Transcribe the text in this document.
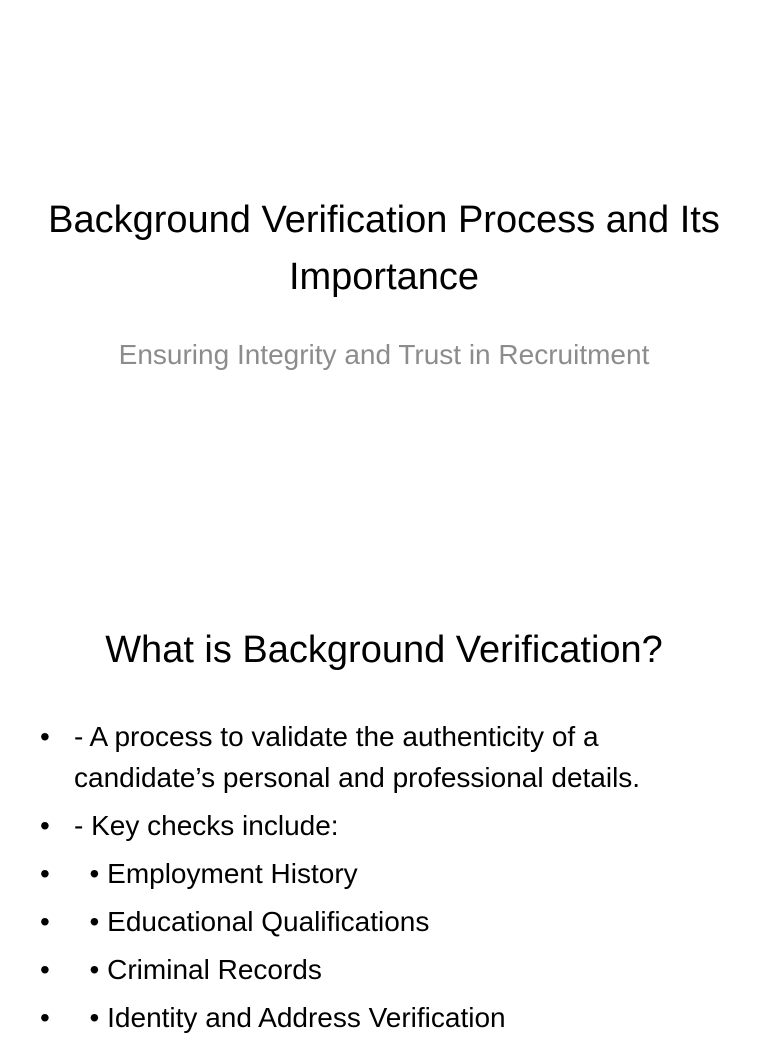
Background Verification Process and Its Importance

Ensuring Integrity and Trust in Recruitment

What is Background Verification?
• - A process to validate the authenticity of a candidate’s personal and professional details.
• - Key checks include:
• • Employment History
• • Educational Qualifications
• • Criminal Records
• • Identity and Address Verification
